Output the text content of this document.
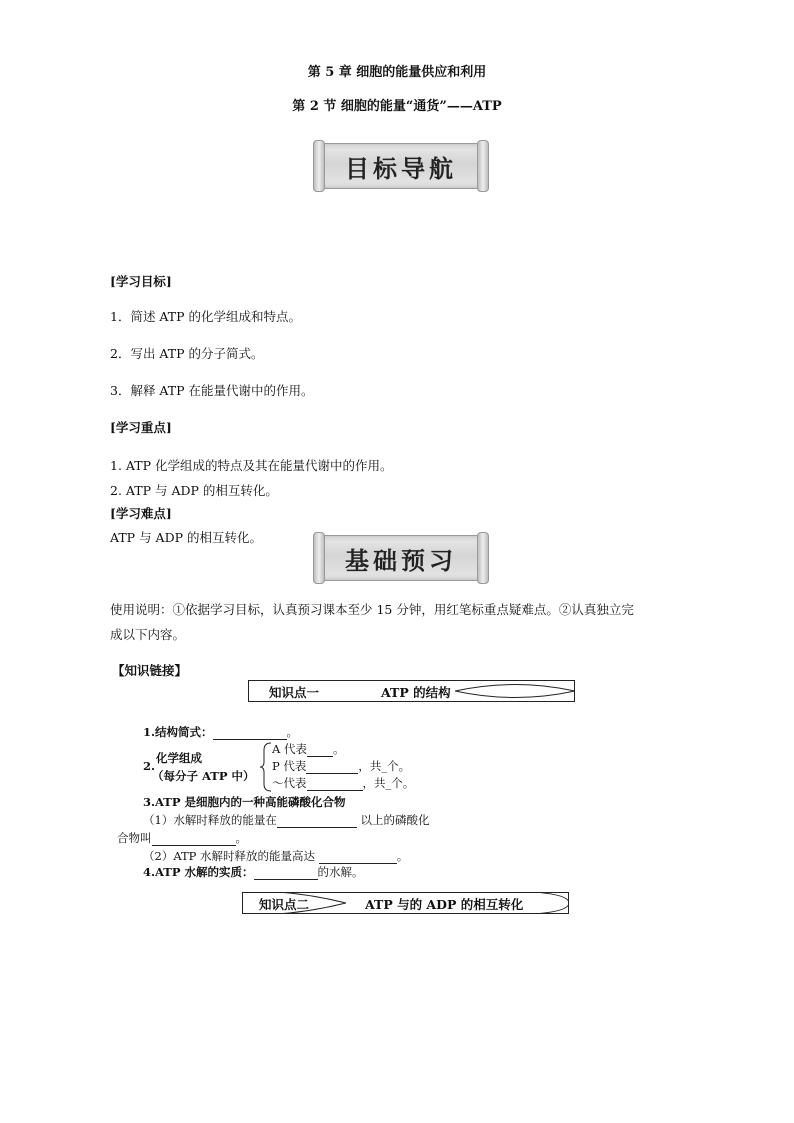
第 5 章 细胞的能量供应和利用
第 2 节 细胞的能量“通货”——ATP
目标导航
[学习目标]
1．简述 ATP 的化学组成和特点。
2．写出 ATP 的分子简式。
3．解释 ATP 在能量代谢中的作用。
[学习重点]
1. ATP 化学组成的特点及其在能量代谢中的作用。
2. ATP 与 ADP 的相互转化。
[学习难点]
ATP 与 ADP 的相互转化。
基础预习
使用说明：①依据学习目标，认真预习课本至少 15 分钟，用红笔标重点疑难点。②认真独立完
成以下内容。
【知识链接】
知识点一	ATP 的结构
1.结构简式：	。
2.
化学组成
（每分子 ATP 中）
A 代表 。
P 代表	，共_个。
～代表	，共_个。
3.ATP 是细胞内的一种高能磷酸化合物
（1）水解时释放的能量在	以上的磷酸化
合物叫	。
（2）ATP 水解时释放的能量高达	。
4.ATP 水解的实质：	的水解。
知识点二	ATP 与的 ADP 的相互转化
